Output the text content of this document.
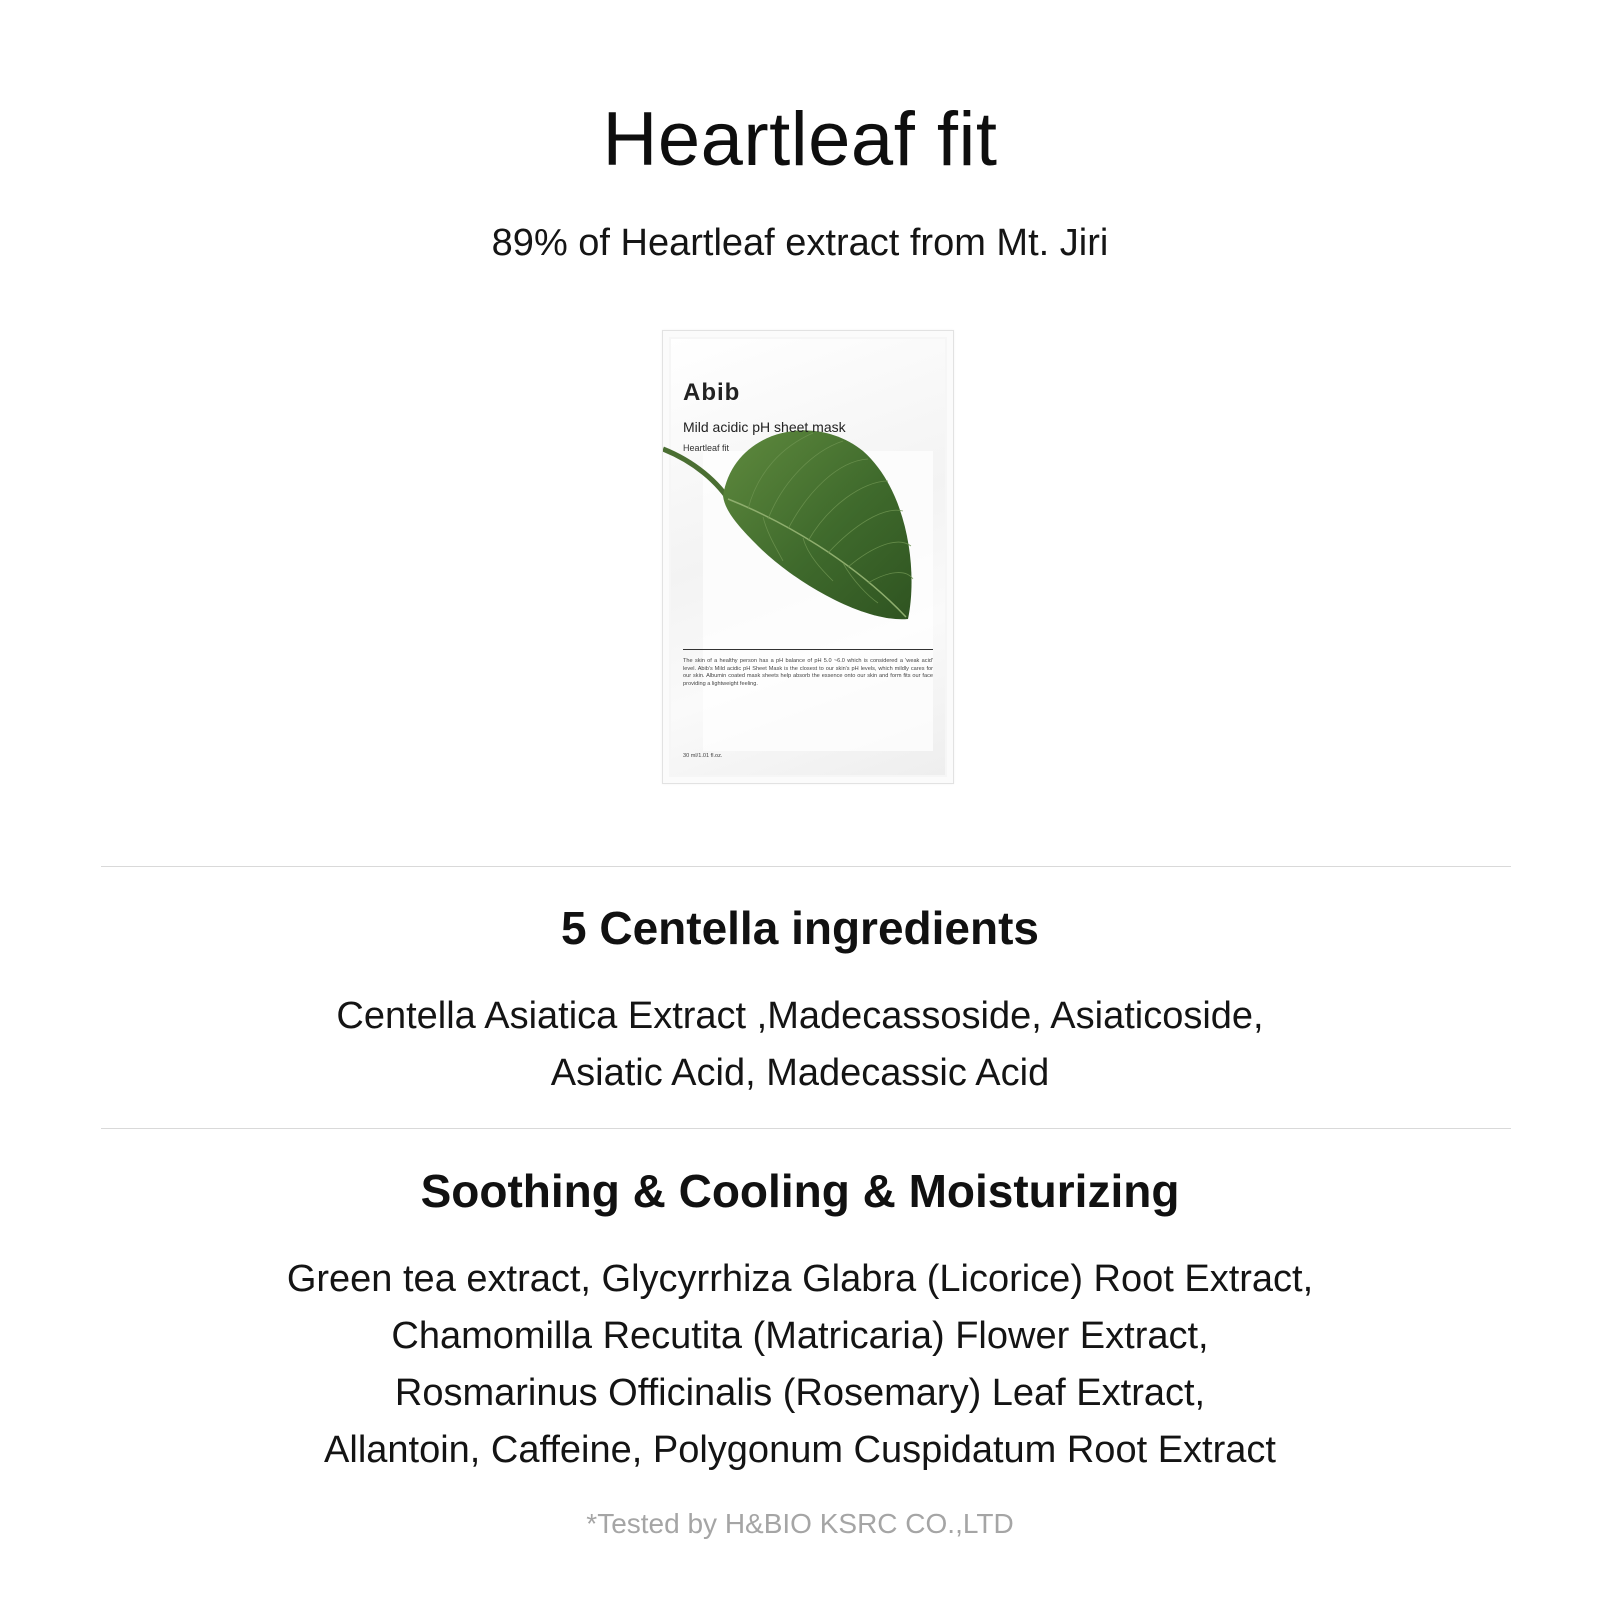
Heartleaf fit

89% of Heartleaf extract from Mt. Jiri

Abib

Mild acidic pH sheet mask

Heartleaf fit

The skin of a healthy person has a pH balance of pH 5.0 ~6.0 which is considered a 'weak acid' level. Abib's Mild acidic pH Sheet Mask is the closest to our skin's pH levels, which mildly cares for our skin. Albumin coated mask sheets help absorb the essence onto our skin and form fits our face providing a lightweight feeling.

30 ml/1.01 fl.oz.

5 Centella ingredients

Centella Asiatica Extract ,Madecassoside, Asiaticoside,
Asiatic Acid, Madecassic Acid

Soothing & Cooling & Moisturizing

Green tea extract, Glycyrrhiza Glabra (Licorice) Root Extract,
Chamomilla Recutita (Matricaria) Flower Extract,
Rosmarinus Officinalis (Rosemary) Leaf Extract,
Allantoin, Caffeine, Polygonum Cuspidatum Root Extract

*Tested by H&BIO KSRC CO.,LTD
